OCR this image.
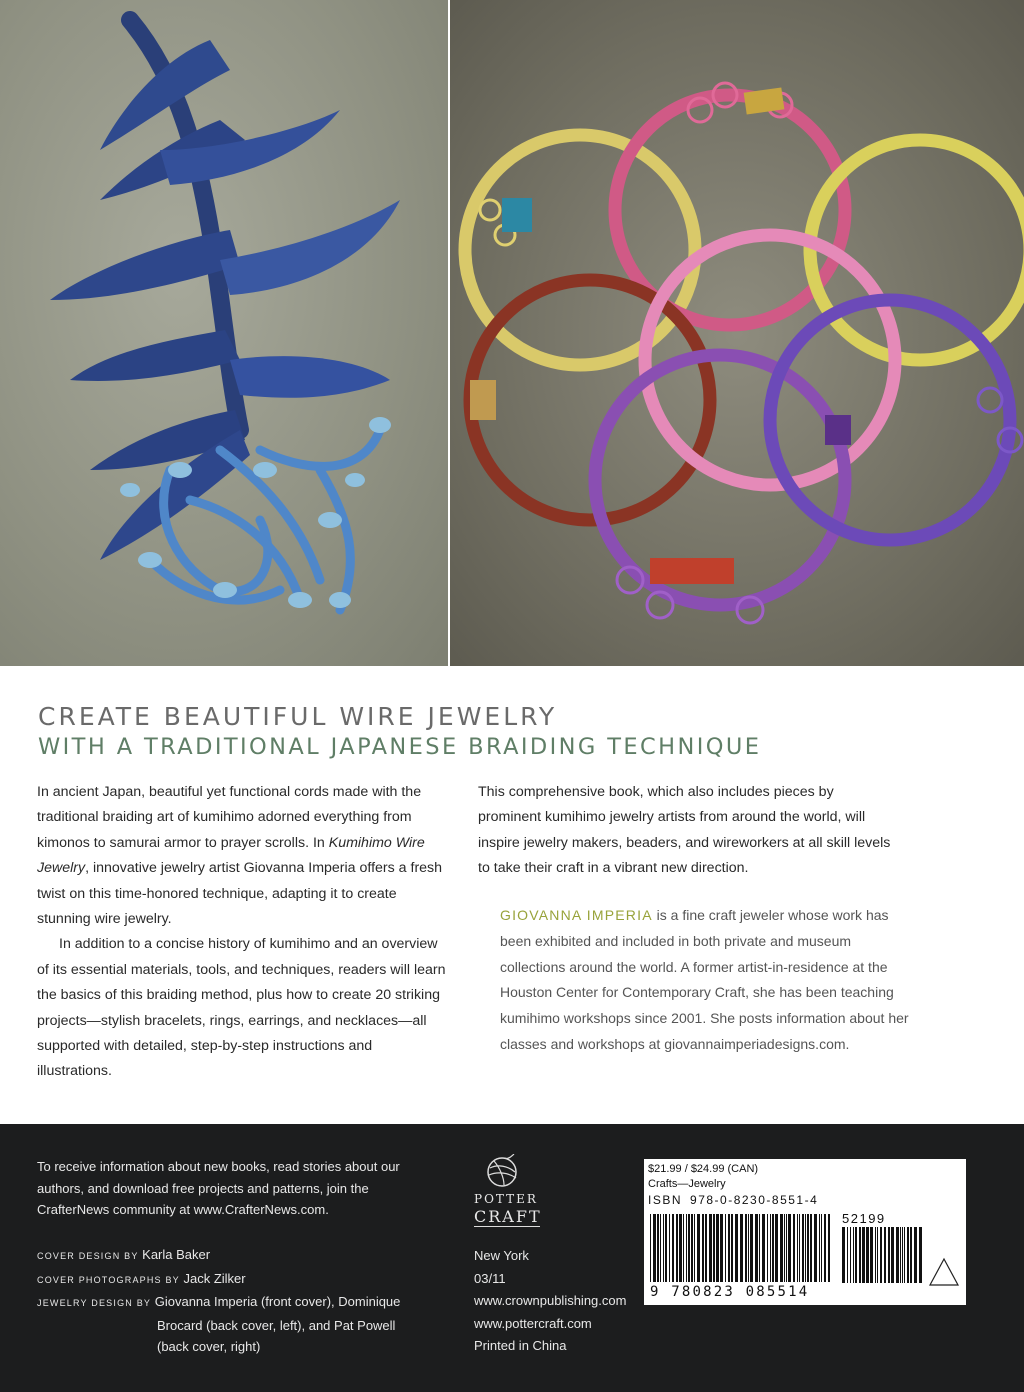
CREATE BEAUTIFUL WIRE JEWELRY
WITH A TRADITIONAL JAPANESE BRAIDING TECHNIQUE

In ancient Japan, beautiful yet functional cords made with the traditional braiding art of kumihimo adorned everything from kimonos to samurai armor to prayer scrolls. In Kumihimo Wire Jewelry, innovative jewelry artist Giovanna Imperia offers a fresh twist on this time-honored technique, adapting it to create stunning wire jewelry.

In addition to a concise history of kumihimo and an overview of its essential materials, tools, and techniques, readers will learn the basics of this braiding method, plus how to create 20 striking projects—stylish bracelets, rings, earrings, and necklaces—all supported with detailed, step-by-step instructions and illustrations.

This comprehensive book, which also includes pieces by prominent kumihimo jewelry artists from around the world, will inspire jewelry makers, beaders, and wireworkers at all skill levels to take their craft in a vibrant new direction.

GIOVANNA IMPERIA is a fine craft jeweler whose work has been exhibited and included in both private and museum collections around the world. A former artist-in-residence at the Houston Center for Contemporary Craft, she has been teaching kumihimo workshops since 2001. She posts information about her classes and workshops at giovannaimperiadesigns.com.
To receive information about new books, read stories about our authors, and download free projects and patterns, join the CrafterNews community at www.CrafterNews.com.
COVER DESIGN BY Karla Baker
COVER PHOTOGRAPHS BY Jack Zilker
JEWELRY DESIGN BY Giovanna Imperia (front cover), Dominique
Brocard (back cover, left), and Pat Powell
(back cover, right)
POTTER
CRAFT
New York
03/11
www.crownpublishing.com
www.pottercraft.com
Printed in China
$21.99 / $24.99 (CAN)
Crafts—Jewelry
ISBN 978-0-8230-8551-4
9 780823 085514
52199
